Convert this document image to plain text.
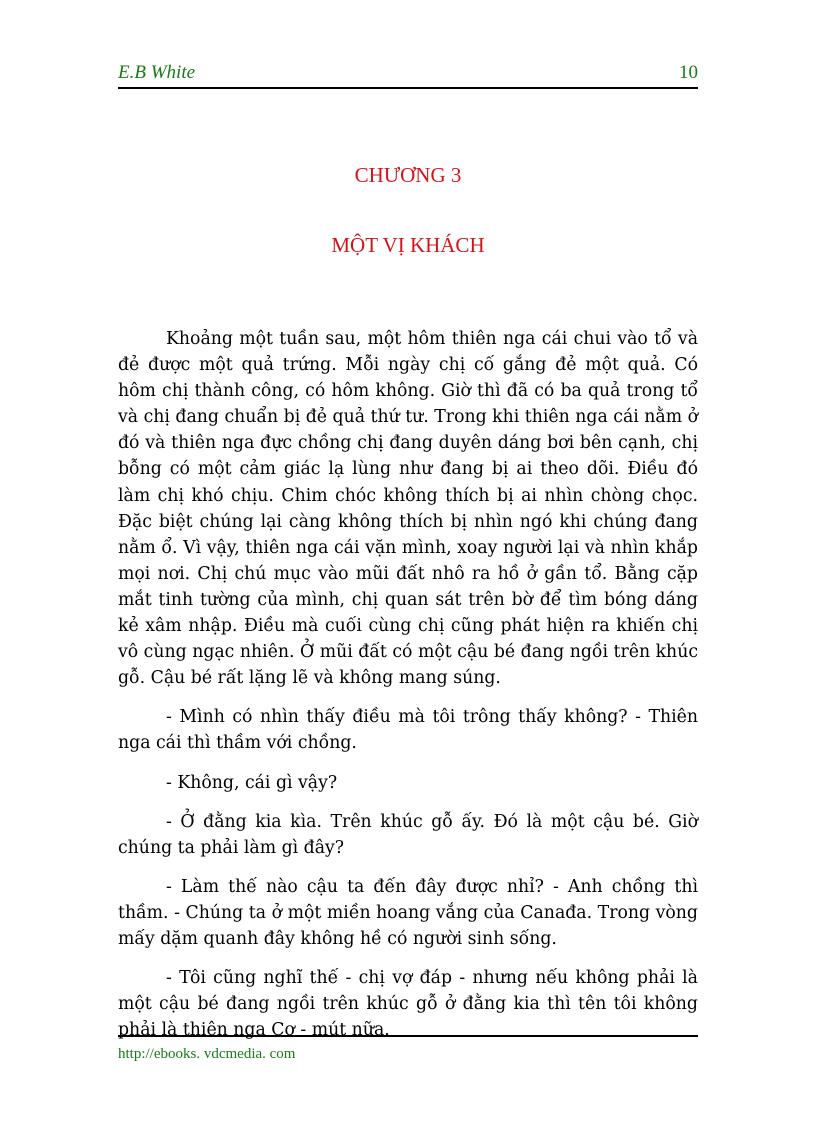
E.B White	10
CHƯƠNG 3
MỘT VỊ KHÁCH

Khoảng một tuần sau, một hôm thiên nga cái chui vào tổ và đẻ được một quả trứng. Mỗi ngày chị cố gắng đẻ một quả. Có hôm chị thành công, có hôm không. Giờ thì đã có ba quả trong tổ và chị đang chuẩn bị đẻ quả thứ tư. Trong khi thiên nga cái nằm ở đó và thiên nga đực chồng chị đang duyên dáng bơi bên cạnh, chị bỗng có một cảm giác lạ lùng như đang bị ai theo dõi. Điều đó làm chị khó chịu. Chim chóc không thích bị ai nhìn chòng chọc. Đặc biệt chúng lại càng không thích bị nhìn ngó khi chúng đang nằm ổ. Vì vậy, thiên nga cái vặn mình, xoay người lại và nhìn khắp mọi nơi. Chị chú mục vào mũi đất nhô ra hồ ở gần tổ. Bằng cặp mắt tinh tường của mình, chị quan sát trên bờ để tìm bóng dáng kẻ xâm nhập. Điều mà cuối cùng chị cũng phát hiện ra khiến chị vô cùng ngạc nhiên. Ở mũi đất có một cậu bé đang ngồi trên khúc gỗ. Cậu bé rất lặng lẽ và không mang súng.

- Mình có nhìn thấy điều mà tôi trông thấy không? - Thiên nga cái thì thầm với chồng.

- Không, cái gì vậy?

- Ở đằng kia kìa. Trên khúc gỗ ấy. Đó là một cậu bé. Giờ chúng ta phải làm gì đây?

- Làm thế nào cậu ta đến đây được nhỉ? - Anh chồng thì thầm. - Chúng ta ở một miền hoang vắng của Canađa. Trong vòng mấy dặm quanh đây không hề có người sinh sống.

- Tôi cũng nghĩ thế - chị vợ đáp - nhưng nếu không phải là một cậu bé đang ngồi trên khúc gỗ ở đằng kia thì tên tôi không phải là thiên nga Cơ - mút nữa.

http://ebooks. vdcmedia. com
